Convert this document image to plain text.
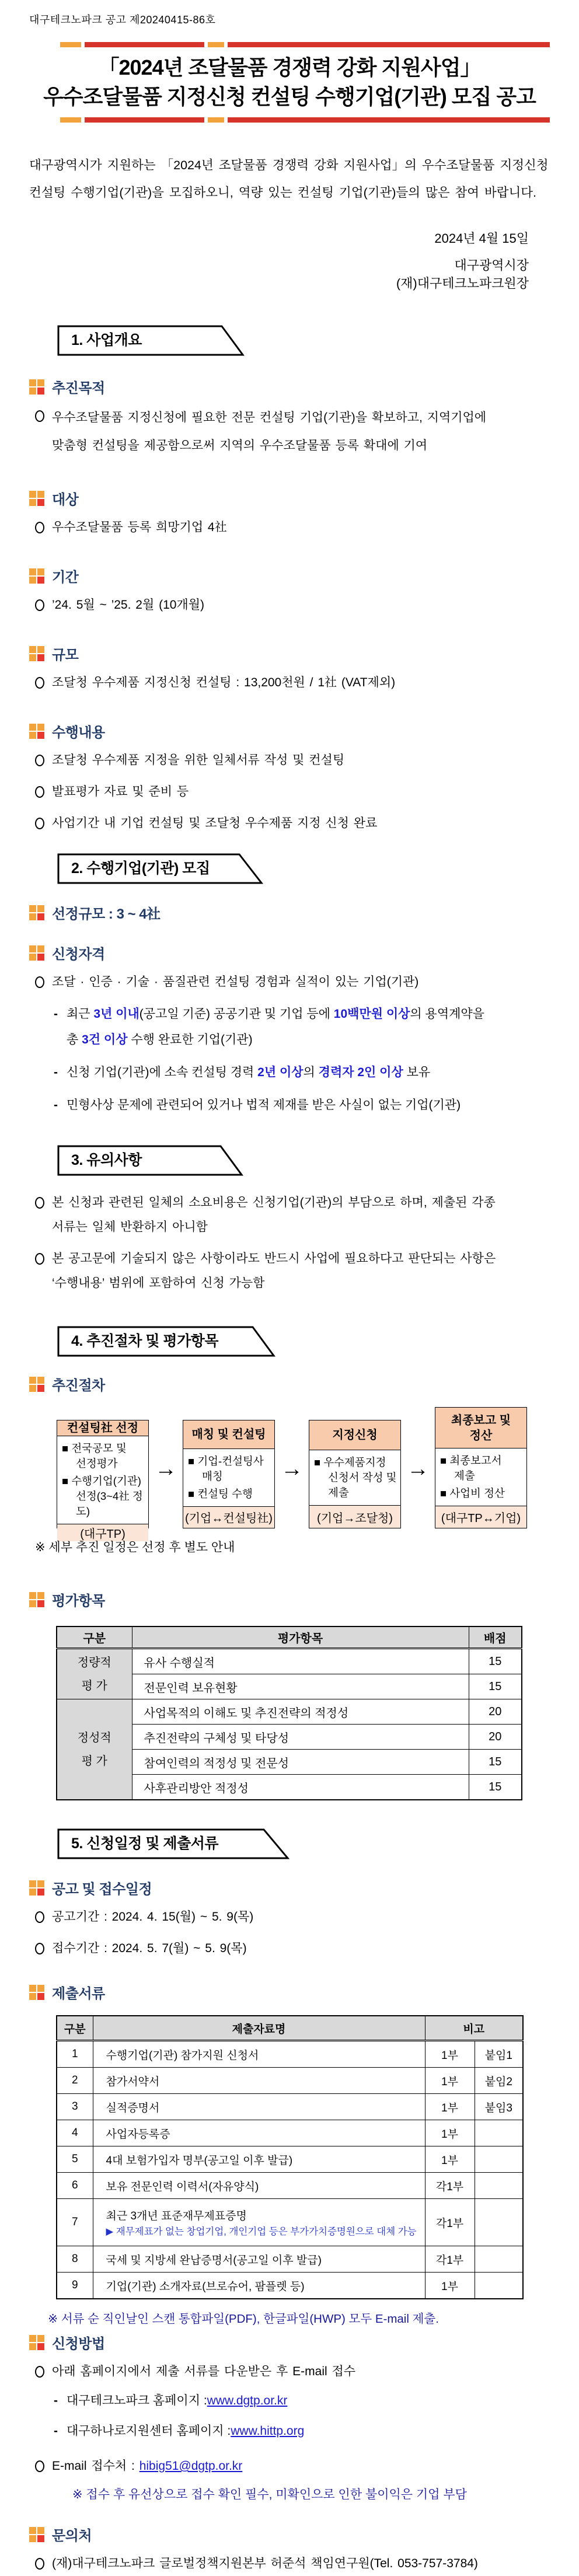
대구테크노파크 공고 제20240415-86호
「2024년 조달물품 경쟁력 강화 지원사업」
우수조달물품 지정신청 컨설팅 수행기업(기관) 모집 공고
대구광역시가 지원하는 「2024년 조달물품 경쟁력 강화 지원사업」의 우수조달물품 지정신청
컨설팅 수행기업(기관)을 모집하오니, 역량 있는 컨설팅 기업(기관)들의 많은 참여 바랍니다.
2024년 4월 15일
대구광역시장
(재)대구테크노파크원장
1. 사업개요
추진목적
우수조달물품 지정신청에 필요한 전문 컨설팅 기업(기관)을 확보하고, 지역기업에
맞춤형 컨설팅을 제공함으로써 지역의 우수조달물품 등록 확대에 기여
대상
우수조달물품 등록 희망기업 4社
기간
’24. 5월 ~ ’25. 2월 (10개월)
규모
조달청 우수제품 지정신청 컨설팅 : 13,200천원 / 1社 (VAT제외)
수행내용
조달청 우수제품 지정을 위한 일체서류 작성 및 컨설팅
발표평가 자료 및 준비 등
사업기간 내 기업 컨설팅 및 조달청 우수제품 지정 신청 완료
2. 수행기업(기관) 모집
선정규모 : 3 ~ 4社
신청자격
조달 · 인증 · 기술 · 품질관련 컨설팅 경험과 실적이 있는 기업(기관)
- 최근 3년 이내(공고일 기준) 공공기관 및 기업 등에 10백만원 이상의 용역계약을
총 3건 이상 수행 완료한 기업(기관)
- 신청 기업(기관)에 소속 컨설팅 경력 2년 이상의 경력자 2인 이상 보유
- 민형사상 문제에 관련되어 있거나 법적 제재를 받은 사실이 없는 기업(기관)
3. 유의사항
본 신청과 관련된 일체의 소요비용은 신청기업(기관)의 부담으로 하며, 제출된 각종
서류는 일체 반환하지 아니함
본 공고문에 기술되지 않은 사항이라도 반드시 사업에 필요하다고 판단되는 사항은
‘수행내용’ 범위에 포함하여 신청 가능함
4. 추진절차 및 평가항목
추진절차
컨설팅社 선정
■ 전국공모 및
선정평가
■ 수행기업(기관)
선정(3~4社 정도)
(대구TP)
→
매칭 및 컨설팅
■ 기업-컨설팅사
매칭
■ 컨설팅 수행
(기업↔컨설팅社)
→
지정신청
■ 우수제품지정
신청서 작성 및
제출
(기업→조달청)
→
최종보고 및
정산
■ 최종보고서
제출
■ 사업비 정산
(대구TP↔기업)
※ 세부 추진 일정은 선정 후 별도 안내
평가항목
구분	평가항목	배점
정량적
평 가	유사 수행실적	15
	전문인력 보유현황	15
정성적
평 가	사업목적의 이해도 및 추진전략의 적정성	20
	추진전략의 구체성 및 타당성	20
	참여인력의 적정성 및 전문성	15
	사후관리방안 적정성	15
5. 신청일정 및 제출서류
공고 및 접수일정
공고기간 : 2024. 4. 15(월) ~ 5. 9(목)
접수기간 : 2024. 5. 7(월) ~ 5. 9(목)
제출서류
구분	제출자료명	비고	
1	수행기업(기관) 참가지원 신청서	1부	붙임1
2	참가서약서	1부	붙임2
3	실적증명서	1부	붙임3
4	사업자등록증	1부	
5	4대 보험가입자 명부(공고일 이후 발급)	1부	
6	보유 전문인력 이력서(자유양식)	각1부	
7	최근 3개년 표준재무제표증명
▶ 재무제표가 없는 창업기업, 개인기업 등은 부가가치증명원으로 대체 가능	각1부	
8	국세 및 지방세 완납증명서(공고일 이후 발급)	각1부	
9	기업(기관) 소개자료(브로슈어, 팜플렛 등)	1부	
※ 서류 순 직인날인 스캔 통합파일(PDF), 한글파일(HWP) 모두 E-mail 제출.
신청방법
아래 홈페이지에서 제출 서류를 다운받은 후 E-mail 접수
- 대구테크노파크 홈페이지 : www.dgtp.or.kr
- 대구하나로지원센터 홈페이지 : www.hittp.org
E-mail 접수처 : hibig51@dgtp.or.kr
※ 접수 후 유선상으로 접수 확인 필수, 미확인으로 인한 불이익은 기업 부담
문의처
(재)대구테크노파크 글로벌정책지원본부 허준석 책임연구원(Tel. 053-757-3784)
